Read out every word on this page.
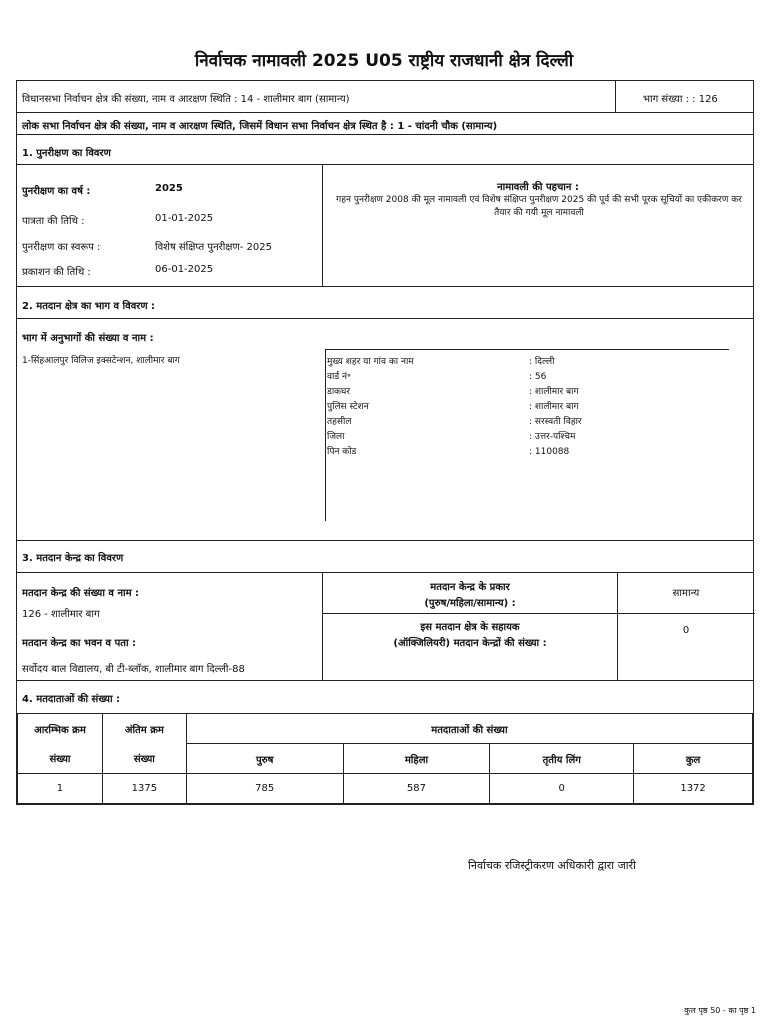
निर्वाचक नामावली 2025 U05 राष्ट्रीय राजधानी क्षेत्र दिल्ली
विधानसभा निर्वाचन क्षेत्र की संख्या, नाम व आरक्षण स्थिति : 14 - शालीमार बाग (सामान्य)	भाग संख्या : : 126
लोक सभा निर्वाचन क्षेत्र की संख्या, नाम व आरक्षण स्थिति, जिसमें विधान सभा निर्वाचन क्षेत्र स्थित है : 1 - चांदनी चौक (सामान्य)
1. पुनरीक्षण का विवरण
पुनरीक्षण का वर्ष :	2025
पात्रता की तिथि :	01-01-2025
पुनरीक्षण का स्वरूप :	विशेष संक्षिप्त पुनरीक्षण- 2025
प्रकाशन की तिथि :	06-01-2025
नामावली की पहचान :
गहन पुनरीक्षण 2008 की मूल नामावली एवं विशेष संक्षिप्त पुनरीक्षण 2025 की पूर्व की सभी पूरक सूचियों का एकीकरण कर तैयार की गयी मूल नामावली
2. मतदान क्षेत्र का भाग व विवरण :
भाग में अनुभागों की संख्या व नाम :
1-सिंहआलपुर विलिज इक्सटेन्शन, शालीमार बाग	मुख्य शहर या गांव का नाम	: दिल्ली
वार्ड नं॰	: 56
डाकघर	: शालीमार बाग
पुलिस स्टेशन	: शालीमार बाग
तहसील	: सरस्वती विहार
जिला	: उत्तर-पश्चिम
पिन कोड	: 110088
3. मतदान केन्द्र का विवरण
मतदान केन्द्र की संख्या व नाम :
126 - शालीमार बाग
मतदान केन्द्र का भवन व पता :
सर्वोदय बाल विद्यालय, बी टी-ब्लॉक, शालीमार बाग दिल्ली-88
मतदान केन्द्र के प्रकार
(पुरुष/महिला/सामान्य) :
सामान्य
इस मतदान क्षेत्र के सहायक
(ऑक्जिलियरी) मतदान केन्द्रों की संख्या :
0
4. मतदाताओं की संख्या :
आरम्भिक क्रम	अंतिम क्रम	मतदाताओं की संख्या			
संख्या	संख्या	पुरुष	महिला	तृतीय लिंग	कुल
1	1375	785	587	0	1372
निर्वाचक रजिस्ट्रीकरण अधिकारी द्वारा जारी
कुल पृष्ठ 50 - का पृष्ठ 1
